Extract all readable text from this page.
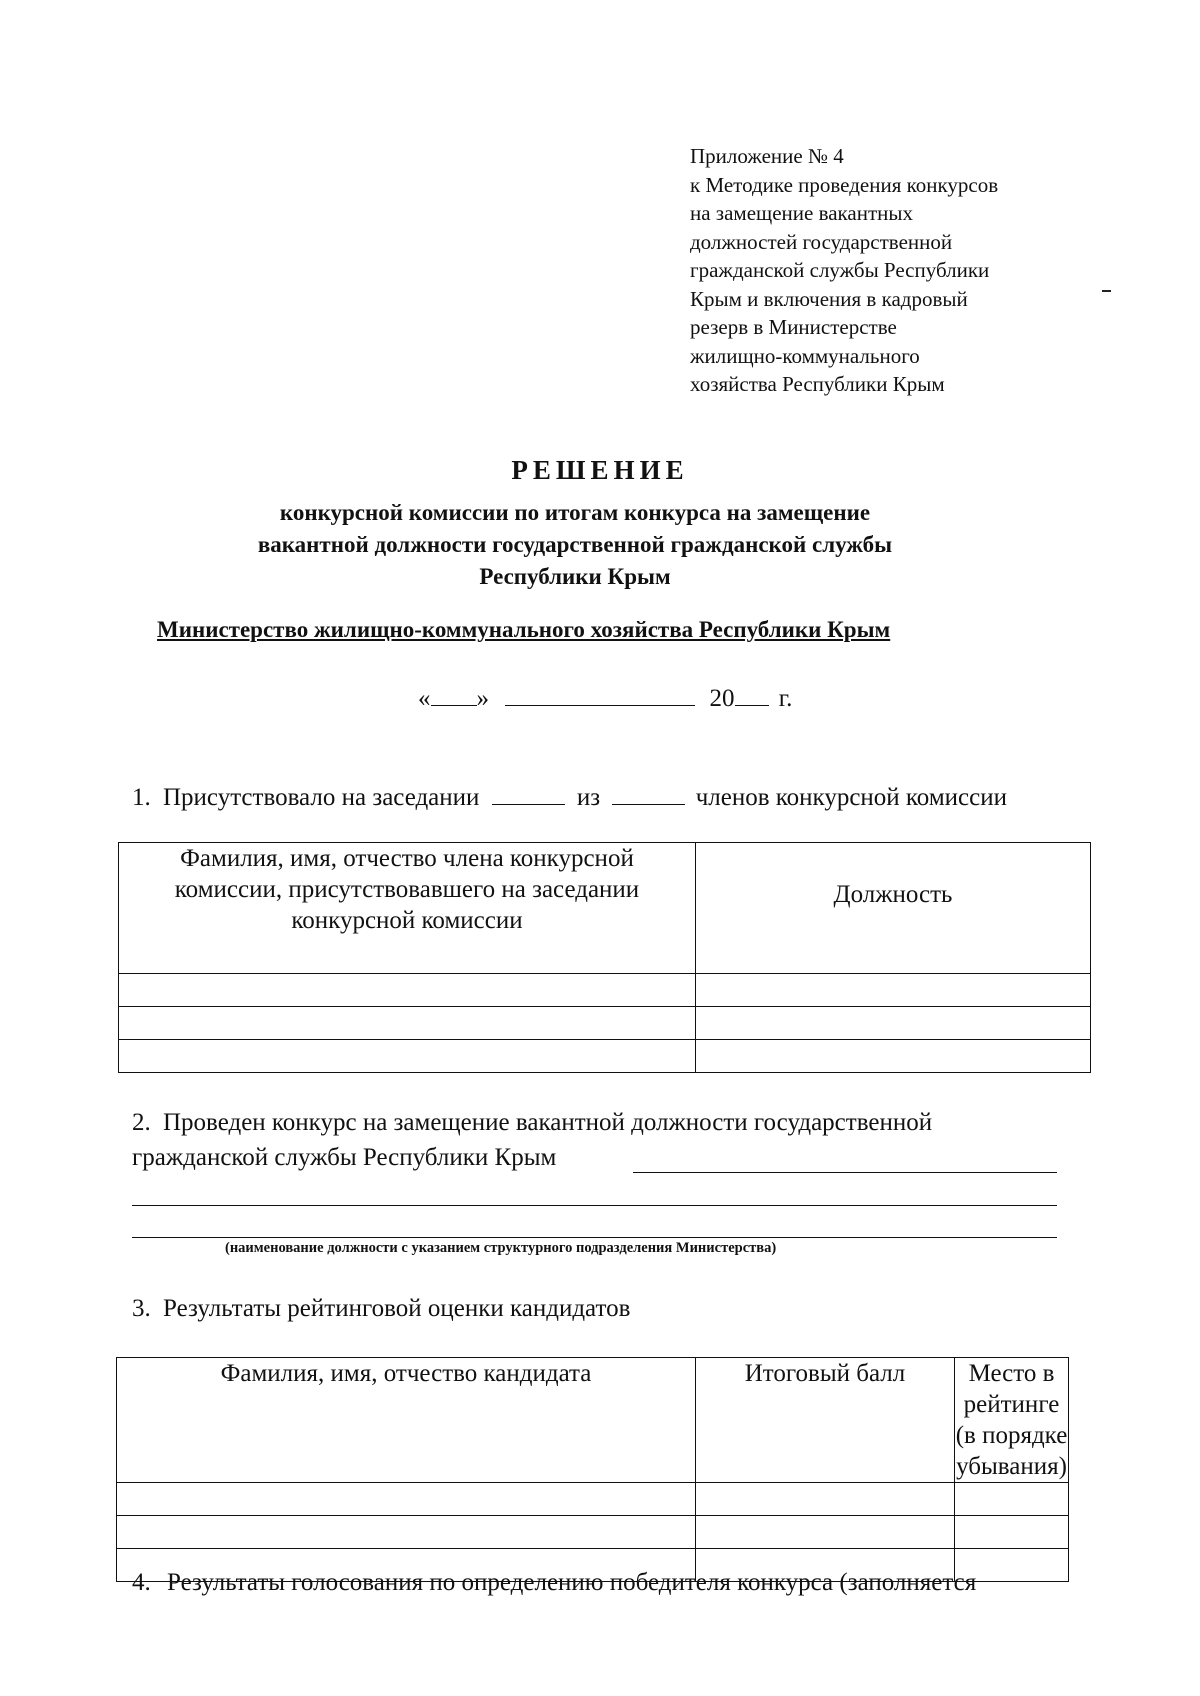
Приложение № 4
к Методике проведения конкурсов
на замещение вакантных
должностей государственной
гражданской службы Республики
Крым и включения в кадровый
резерв в Министерстве
жилищно-коммунального
хозяйства Республики Крым
РЕШЕНИЕ
конкурсной комиссии по итогам конкурса на замещение
вакантной должности государственной гражданской службы
Республики Крым
Министерство жилищно-коммунального хозяйства Республики Крым
« »	20 г.
1. Присутствовало на заседании	из	членов конкурсной комиссии
Фамилия, имя, отчество члена конкурсной комиссии, присутствовавшего на заседании конкурсной комиссии	Должность

2. Проведен конкурс на замещение вакантной должности государственной
гражданской службы Республики Крым
(наименование должности с указанием структурного подразделения Министерства)
3. Результаты рейтинговой оценки кандидатов
Фамилия, имя, отчество кандидата	Итоговый балл	Место в рейтинге (в порядке убывания)

4. Результаты голосования по определению победителя конкурса (заполняется
